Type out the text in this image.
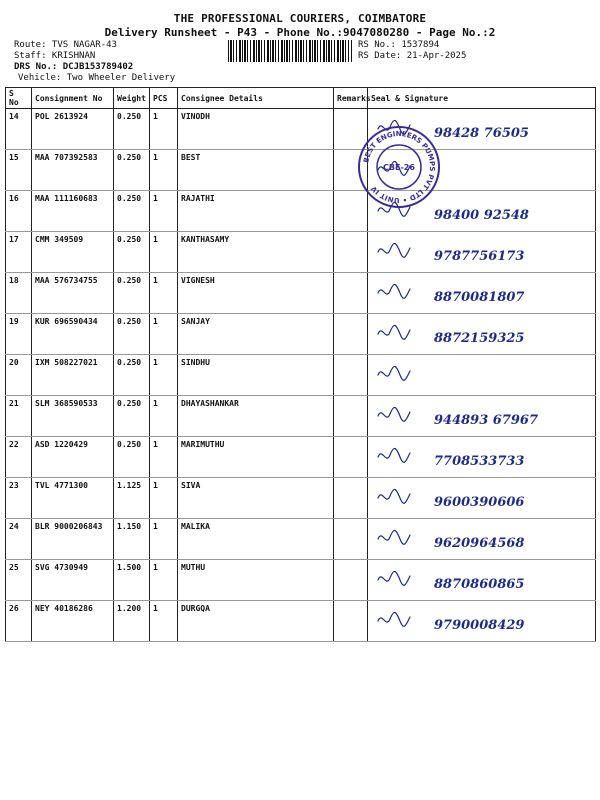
THE PROFESSIONAL COURIERS, COIMBATORE
Delivery Runsheet - P43 - Phone No.:9047080280 - Page No.:2
Route: TVS NAGAR-43
Staff: KRISHNAN
DRS No.: DCJB153789402
Vehicle: Two Wheeler Delivery
RS No.: 1537894
RS Date: 21-Apr-2025
S No	Consignment No	Weight	PCS	Consignee Details	Remarks	Seal & Signature
14	POL 2613924	0.250	1	VINODH		98428 76505

15	MAA 707392583	0.250	1	BEST		

16	MAA 111160683	0.250	1	RAJATHI		98400 92548

17	CMM 349509	0.250	1	KANTHASAMY		9787756173

18	MAA 576734755	0.250	1	VIGNESH		8870081807

19	KUR 696590434	0.250	1	SANJAY		8872159325

20	IXM 508227021	0.250	1	SINDHU		

21	SLM 368590533	0.250	1	DHAYASHANKAR		944893 67967

22	ASD 1220429	0.250	1	MARIMUTHU		7708533733

23	TVL 4771300	1.125	1	SIVA		9600390606

24	BLR 9000206843	1.150	1	MALIKA		9620964568

25	SVG 4730949	1.500	1	MUTHU		8870860865

26	NEY 40186286	1.200	1	DURGQA		9790008429
BEST ENGINEERS PUMPS PVT LTD • UNIT IV
CBE-26
